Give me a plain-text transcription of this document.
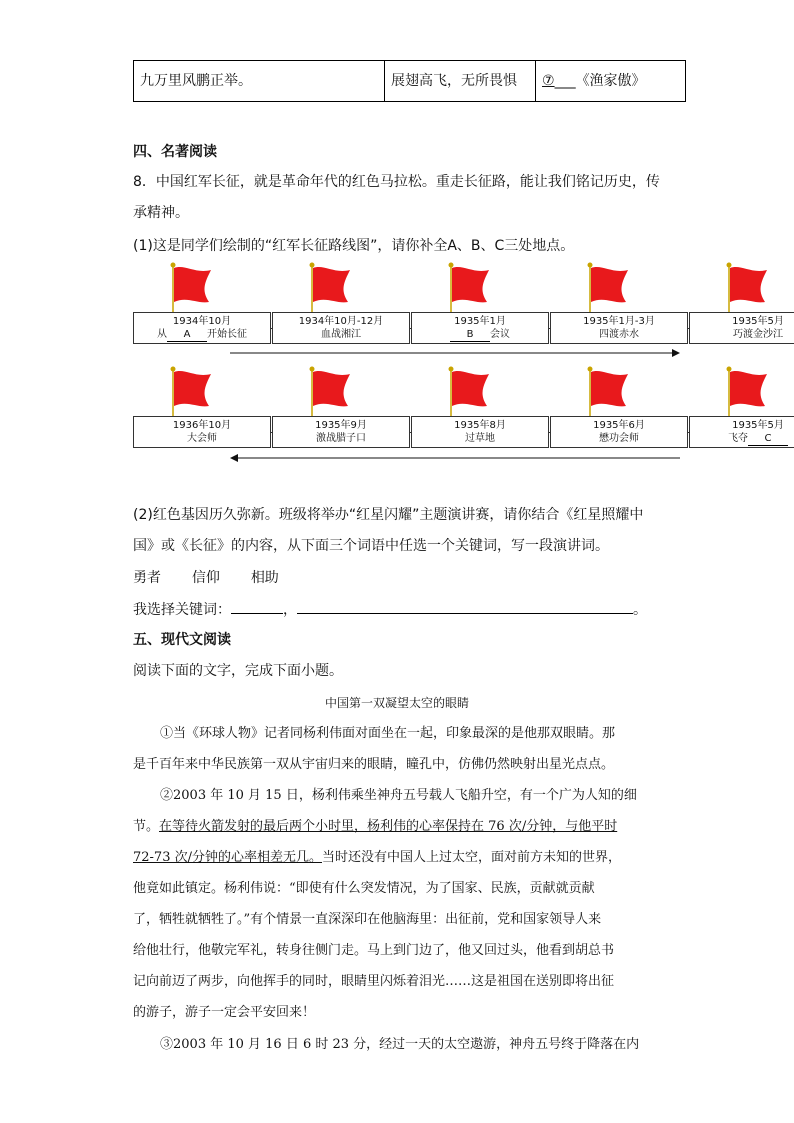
九万里风鹏正举。	展翅高飞，无所畏惧	⑦___《渔家傲》
四、名著阅读
8．中国红军长征，就是革命年代的红色马拉松。重走长征路，能让我们铭记历史，传
承精神。
(1)这是同学们绘制的“红军长征路线图”，请你补全A、B、C三处地点。
1934年10月
从 A 开始长征
1934年10月-12月
血战湘江
1935年1月
B 会议
1935年1月-3月
四渡赤水
1935年5月
巧渡金沙江
1936年10月
大会师
1935年9月
激战腊子口
1935年8月
过草地
1935年6月
懋功会师
1935年5月
飞夺 C
(2)红色基因历久弥新。班级将举办“红星闪耀”主题演讲赛，请你结合《红星照耀中
国》或《长征》的内容，从下面三个词语中任选一个关键词，写一段演讲词。
勇者 信仰 相助
我选择关键词：	，	。
五、现代文阅读
阅读下面的文字，完成下面小题。
中国第一双凝望太空的眼睛
①当《环球人物》记者同杨利伟面对面坐在一起，印象最深的是他那双眼睛。那
是千百年来中华民族第一双从宇宙归来的眼睛，瞳孔中，仿佛仍然映射出星光点点。
②2003 年 10 月 15 日，杨利伟乘坐神舟五号载人飞船升空，有一个广为人知的细
节。在等待火箭发射的最后两个小时里，杨利伟的心率保持在 76 次/分钟，与他平时
72-73 次/分钟的心率相差无几。当时还没有中国人上过太空，面对前方未知的世界，
他竟如此镇定。杨利伟说：“即使有什么突发情况，为了国家、民族，贡献就贡献
了，牺牲就牺牲了。”有个情景一直深深印在他脑海里：出征前，党和国家领导人来
给他壮行，他敬完军礼，转身往侧门走。马上到门边了，他又回过头，他看到胡总书
记向前迈了两步，向他挥手的同时，眼睛里闪烁着泪光……这是祖国在送别即将出征
的游子，游子一定会平安回来！
③2003 年 10 月 16 日 6 时 23 分，经过一天的太空遨游，神舟五号终于降落在内
